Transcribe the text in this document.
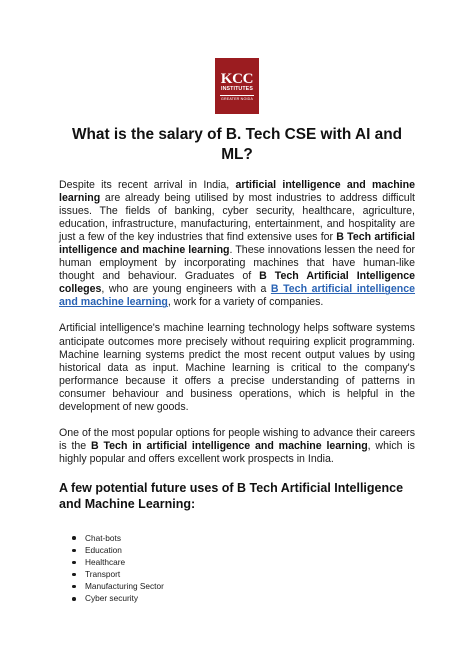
KCC
INSTITUTES
GREATER NOIDA
What is the salary of B. Tech CSE with AI and ML?

Despite its recent arrival in India, artificial intelligence and machine learning are already being utilised by most industries to address difficult issues. The fields of banking, cyber security, healthcare, agriculture, education, infrastructure, manufacturing, entertainment, and hospitality are just a few of the key industries that find extensive uses for B Tech artificial intelligence and machine learning. These innovations lessen the need for human employment by incorporating machines that have human-like thought and behaviour. Graduates of B Tech Artificial Intelligence colleges, who are young engineers with a B Tech artificial intelligence and machine learning, work for a variety of companies.

Artificial intelligence's machine learning technology helps software systems anticipate outcomes more precisely without requiring explicit programming. Machine learning systems predict the most recent output values by using historical data as input. Machine learning is critical to the company's performance because it offers a precise understanding of patterns in consumer behaviour and business operations, which is helpful in the development of new goods.

One of the most popular options for people wishing to advance their careers is the B Tech in artificial intelligence and machine learning, which is highly popular and offers excellent work prospects in India.

A few potential future uses of B Tech Artificial Intelligence and Machine Learning:
Chat-bots
Education
Healthcare
Transport
Manufacturing Sector
Cyber security
